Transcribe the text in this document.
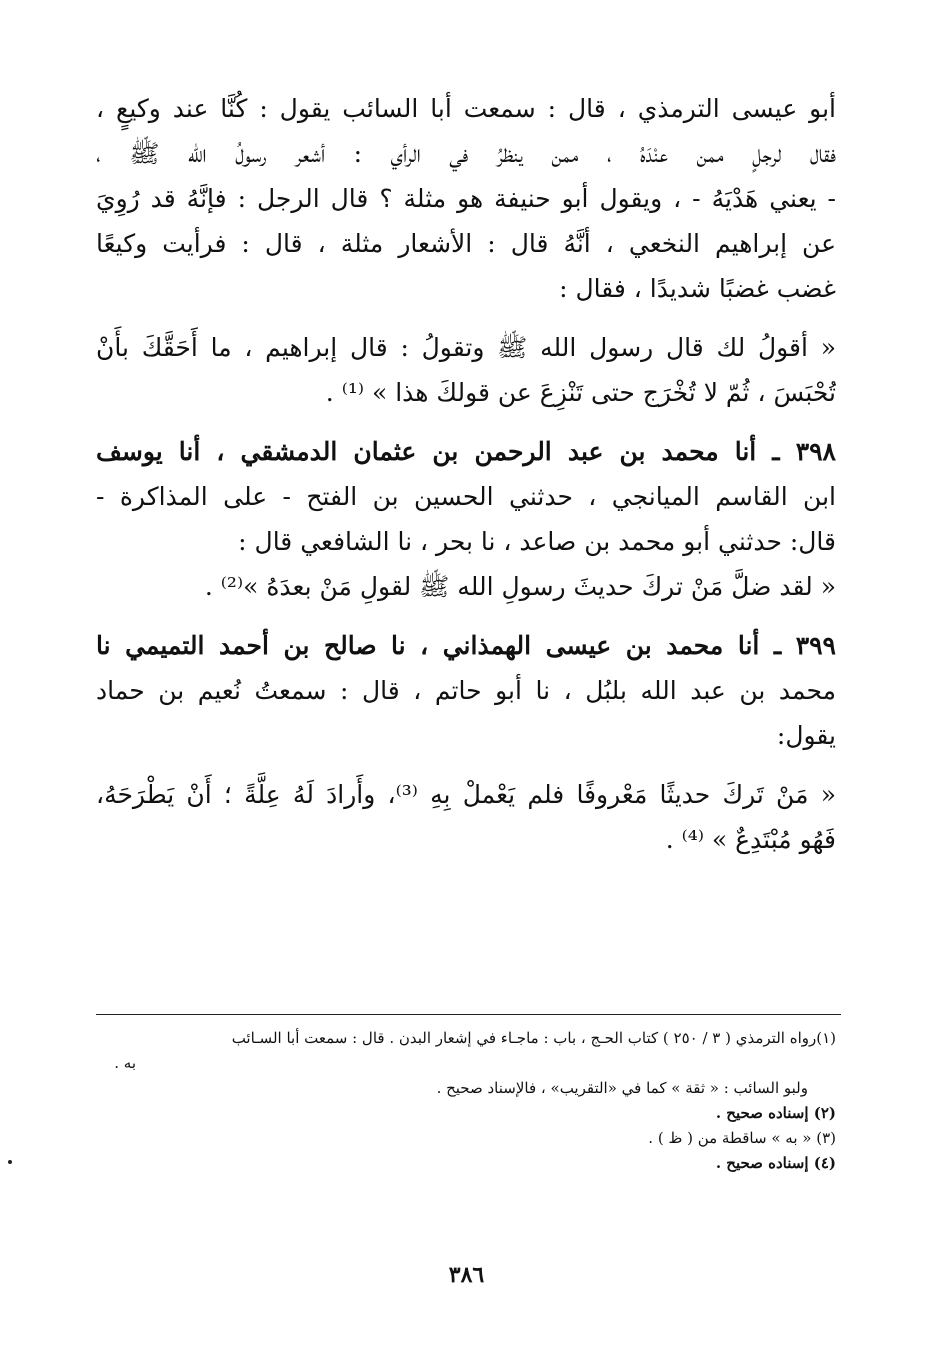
أبو عيسى الترمذي ، قال : سمعت أبا السائب يقول : كُنَّا عند وكيعٍ ،
فقال لرجلٍ ممن عنْدَهُ ، ممن ينظرُ في الرأي : أشعر رسولُ الله ﷺ ،
- يعني هَدْيَهُ - ، ويقول أبو حنيفة هو مثلة ؟ قال الرجل : فإنَّهُ قد رُوِيَ
عن إبراهيم النخعي ، أنَّهُ قال : الأشعار مثلة ، قال : فرأيت وكيعًا
غضب غضبًا شديدًا ، فقال :

« أقولُ لك قال رسول الله ﷺ وتقولُ : قال إبراهيم ، ما أَحَقَّكَ بأَنْ
تُحْبَسَ ، ثُمّ لا تُخْرَج حتى تَنْزِعَ عن قولكَ هذا » ⁽¹⁾ .

٣٩٨ ـ أنا محمد بن عبد الرحمن بن عثمان الدمشقي ، أنا يوسف
ابن القاسم الميانجي ، حدثني الحسين بن الفتح - على المذاكرة -
قال: حدثني أبو محمد بن صاعد ، نا بحر ، نا الشافعي قال :
« لقد ضلَّ مَنْ تركَ حديثَ رسولِ الله ﷺ لقولِ مَنْ بعدَهُ »⁽²⁾ .

٣٩٩ ـ أنا محمد بن عيسى الهمذاني ، نا صالح بن أحمد التميمي نا
محمد بن عبد الله بلبُل ، نا أبو حاتم ، قال : سمعتُ نُعيم بن حماد
يقول:

« مَنْ تَركَ حديثًا مَعْروفًا فلم يَعْملْ بِهِ ⁽³⁾، وأَرادَ لَهُ عِلَّةً ؛ أَنْ يَطْرَحَهُ،
فَهُو مُبْتَدِعٌ » ⁽⁴⁾ .

(١)رواه الترمذي ( ٣ / ٢٥٠ ) كتاب الحـج ، باب : ماجـاء في إشعار البدن . قال : سمعت أبا السـائب
به .
ولبو السائب : « ثقة » كما في «التقريب» ، فالإسناد صحيح .
(٢) إسناده صحيح .
(٣) « به » ساقطة من ( ظ ) .
(٤) إسناده صحيح .
٣٨٦
